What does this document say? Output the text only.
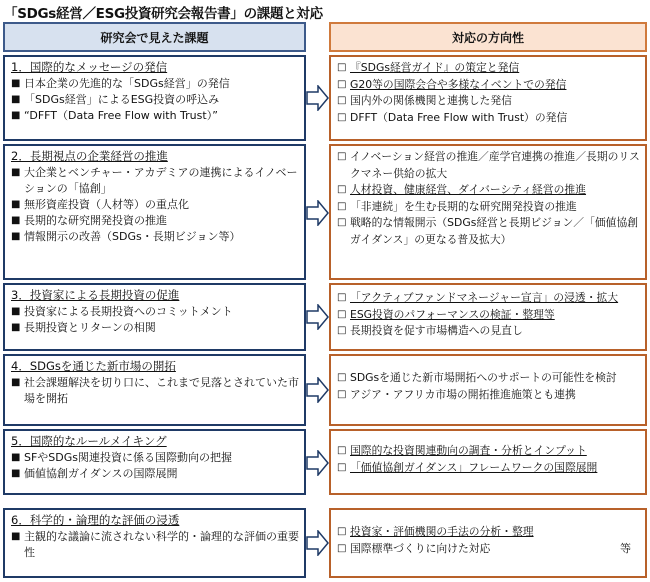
「SDGs経営／ESG投資研究会報告書」の課題と対応
研究会で見えた課題	対応の方向性
1．国際的なメッセージの発信
■ 日本企業の先進的な「SDGs経営」の発信
■ 「SDGs経営」によるESG投資の呼込み
■ “DFFT（Data Free Flow with Trust）”
□ 『SDGs経営ガイド』の策定と発信
□ G20等の国際会合や多様なイベントでの発信
□ 国内外の関係機関と連携した発信
□ DFFT（Data Free Flow with Trust）の発信
2．長期視点の企業経営の推進
■ 大企業とベンチャー・アカデミアの連携によるイノベーションの「協創」
■ 無形資産投資（人材等）の重点化
■ 長期的な研究開発投資の推進
■ 情報開示の改善（SDGs・長期ビジョン等）
□ イノベーション経営の推進／産学官連携の推進／長期のリスクマネー供給の拡大
□ 人材投資、健康経営、ダイバーシティ経営の推進
□ 「非連続」を生む長期的な研究開発投資の推進
□ 戦略的な情報開示（SDGs経営と長期ビジョン／「価値協創ガイダンス」の更なる普及拡大）
3．投資家による長期投資の促進
■ 投資家による長期投資へのコミットメント
■ 長期投資とリターンの相関
□ 「アクティブファンドマネージャー宣言」の浸透・拡大
□ ESG投資のパフォーマンスの検証・整理等
□ 長期投資を促す市場構造への見直し
4．SDGsを通じた新市場の開拓
■ 社会課題解決を切り口に、これまで見落とされていた市場を開拓
□ SDGsを通じた新市場開拓へのサポートの可能性を検討
□ アジア・アフリカ市場の開拓推進施策とも連携
5．国際的なルールメイキング
■ SFやSDGs関連投資に係る国際動向の把握
■ 価値協創ガイダンスの国際展開
□ 国際的な投資関連動向の調査・分析とインプット
□ 「価値協創ガイダンス」フレームワークの国際展開
6．科学的・論理的な評価の浸透
■ 主観的な議論に流されない科学的・論理的な評価の重要性
□ 投資家・評価機関の手法の分析・整理
□ 国際標準づくりに向けた対応	等
